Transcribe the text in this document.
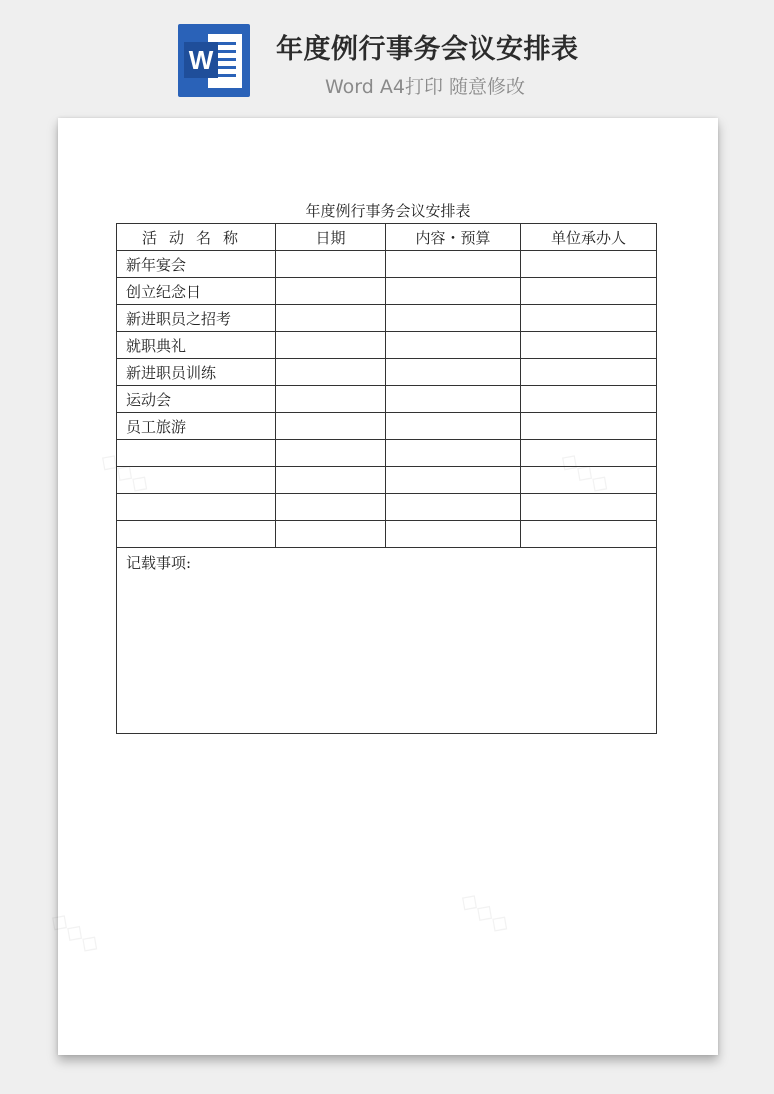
W 年度例行事务会议安排表
Word A4打印 随意修改
◇◇◇	◇◇◇
◇◇◇
◇◇◇
年度例行事务会议安排表
活动名称	日期	内容・预算	单位承办人
新年宴会			
创立纪念日			
新进职员之招考			
就职典礼			
新进职员训练			
运动会			
员工旅游			

记载事项:			
